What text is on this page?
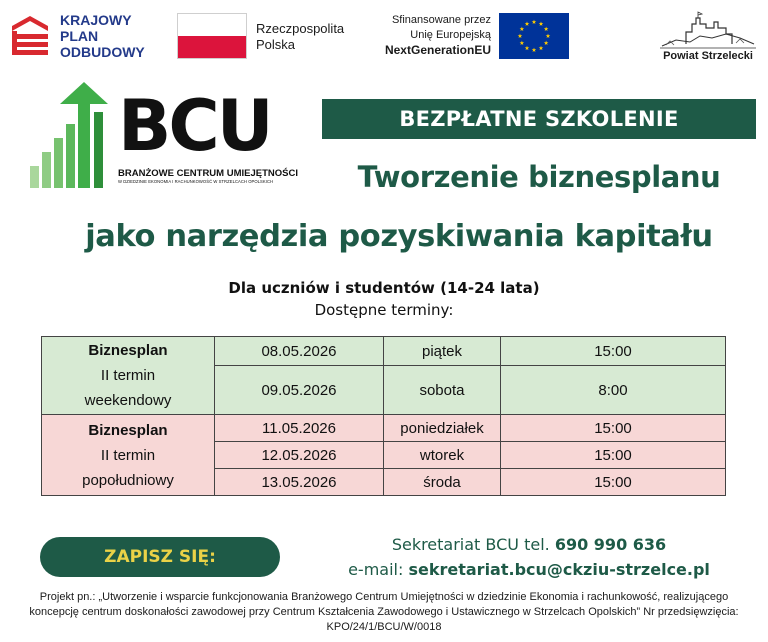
KRAJOWY
PLAN
ODBUDOWY
Rzeczpospolita
Polska
Sfinansowane przez
Unię Europejską
NextGenerationEU	Powiat Strzelecki
BCU
BRANŻOWE CENTRUM UMIEJĘTNOŚCI
W DZIEDZINIE EKONOMIA I RACHUNKOWOŚĆ W STRZELCACH OPOLSKICH
BEZPŁATNE SZKOLENIE
Tworzenie biznesplanu
jako narzędzia pozyskiwania kapitału
Dla uczniów i studentów (14-24 lata)
Dostępne terminy:
Biznesplan
II termin
weekendowy	08.05.2026	piątek	15:00
	09.05.2026	sobota	8:00

Biznesplan
II termin
popołudniowy	11.05.2026	poniedziałek	15:00
	12.05.2026	wtorek	15:00
	13.05.2026	środa	15:00
ZAPISZ SIĘ:
Sekretariat BCU tel. 690 990 636
e-mail: sekretariat.bcu@ckziu-strzelce.pl
Projekt pn.: „Utworzenie i wsparcie funkcjonowania Branżowego Centrum Umiejętności w dziedzinie Ekonomia i rachunkowość, realizującego koncepcję centrum doskonałości zawodowej przy Centrum Kształcenia Zawodowego i Ustawicznego w Strzelcach Opolskich” Nr przedsięwzięcia: KPO/24/1/BCU/W/0018
